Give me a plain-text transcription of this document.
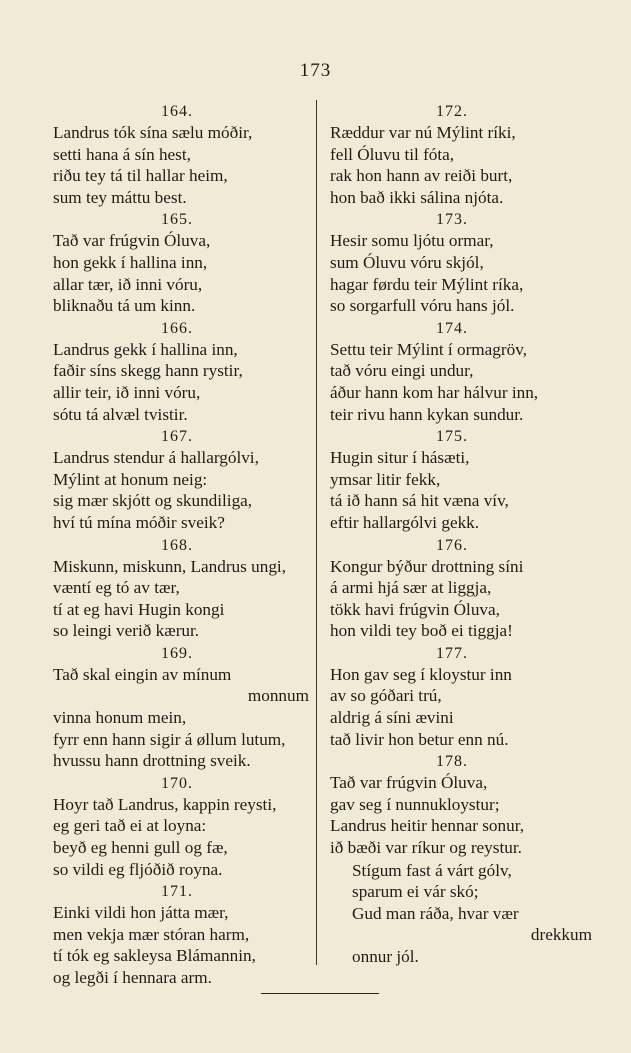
173
164.
Landrus tók sína sælu móðir,
setti hana á sín hest,
riðu tey tá til hallar heim,
sum tey máttu best.
165.
Tað var frúgvin Óluva,
hon gekk í hallina inn,
allar tær, ið inni vóru,
bliknaðu tá um kinn.
166.
Landrus gekk í hallina inn,
faðir síns skegg hann rystir,
allir teir, ið inni vóru,
sótu tá alvæl tvistir.
167.
Landrus stendur á hallargólvi,
Mýlint at honum neig:
sig mær skjótt og skundiliga,
hví tú mína móðir sveik?
168.
Miskunn, miskunn, Landrus ungi,
væntí eg tó av tær,
tí at eg havi Hugin kongi
so leingi verið kærur.
169.
Tað skal eingin av mínum
monnum
vinna honum mein,
fyrr enn hann sigir á øllum lutum,
hvussu hann drottning sveik.
170.
Hoyr tað Landrus, kappin reysti,
eg geri tað ei at loyna:
beyð eg henni gull og fæ,
so vildi eg fljóðið royna.
171.
Einki vildi hon játta mær,
men vekja mær stóran harm,
tí tók eg sakleysa Blámannin,
og legði í hennara arm.
172.
Ræddur var nú Mýlint ríki,
fell Óluvu til fóta,
rak hon hann av reiði burt,
hon bað ikki sálina njóta.
173.
Hesir somu ljótu ormar,
sum Óluvu vóru skjól,
hagar førdu teir Mýlint ríka,
so sorgarfull vóru hans jól.
174.
Settu teir Mýlint í ormagröv,
tað vóru eingi undur,
áður hann kom har hálvur inn,
teir rivu hann kykan sundur.
175.
Hugin situr í hásæti,
ymsar litir fekk,
tá ið hann sá hit væna vív,
eftir hallargólvi gekk.
176.
Kongur býður drottning síni
á armi hjá sær at liggja,
tökk havi frúgvin Óluva,
hon vildi tey boð ei tiggja!
177.
Hon gav seg í kloystur inn
av so góðari trú,
aldrig á síni ævini
tað livir hon betur enn nú.
178.
Tað var frúgvin Óluva,
gav seg í nunnukloystur;
Landrus heitir hennar sonur,
ið bæði var ríkur og reystur.
Stígum fast á várt gólv,
sparum ei vár skó;
Gud man ráða, hvar vær
drekkum
onnur jól.
